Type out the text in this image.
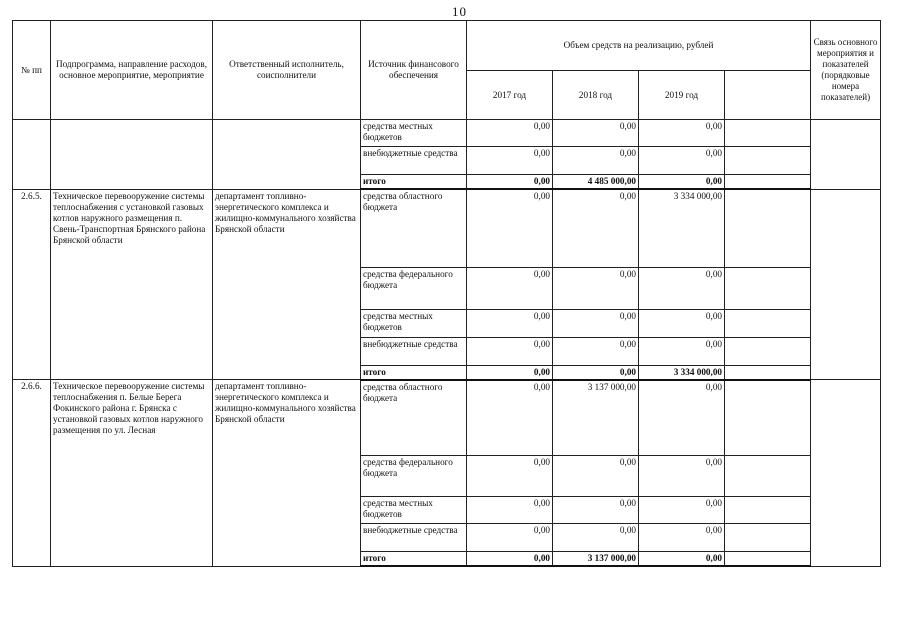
10
№ пп	Подпрограмма, направление расходов, основное мероприятие, мероприятие	Ответственный исполнитель, соисполнители	Источник финансового обеспечения	Объем средств на реализацию, рублей				Связь основного мероприятия и показателей (порядковые номера показателей)
				2017 год	2018 год	2019 год		
			средства местных бюджетов	0,00	0,00	0,00		
			внебюджетные средства	0,00	0,00	0,00		
			итого	0,00	4 485 000,00	0,00		
2.6.5.	Техническое перевооружение системы теплоснабжения с установкой газовых котлов наружного размещения п. Свень-Транспортная Брянского района Брянской области	департамент топливно-энергетического комплекса и жилищно-коммунального хозяйства Брянской области	средства областного бюджета	0,00	0,00	3 334 000,00		
			средства федерального бюджета	0,00	0,00	0,00		
			средства местных бюджетов	0,00	0,00	0,00		
			внебюджетные средства	0,00	0,00	0,00		
			итого	0,00	0,00	3 334 000,00		
2.6.6.	Техническое перевооружение системы теплоснабжения п. Белые Берега Фокинского района г. Брянска с установкой газовых котлов наружного размещения по ул. Лесная	департамент топливно-энергетического комплекса и жилищно-коммунального хозяйства Брянской области	средства областного бюджета	0,00	3 137 000,00	0,00		
			средства федерального бюджета	0,00	0,00	0,00		
			средства местных бюджетов	0,00	0,00	0,00		
			внебюджетные средства	0,00	0,00	0,00		
			итого	0,00	3 137 000,00	0,00		
